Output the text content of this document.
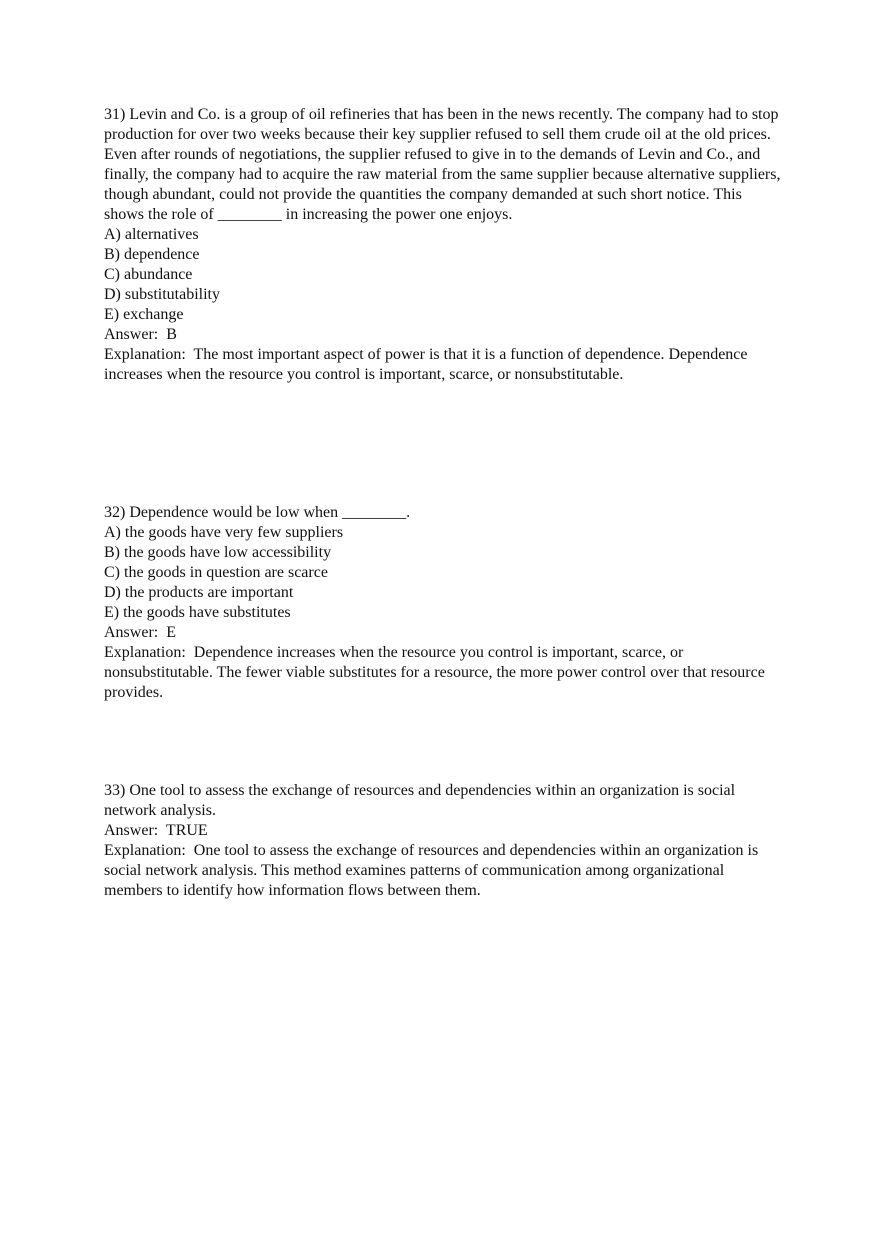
31) Levin and Co. is a group of oil refineries that has been in the news recently. The company had to stop production for over two weeks because their key supplier refused to sell them crude oil at the old prices. Even after rounds of negotiations, the supplier refused to give in to the demands of Levin and Co., and finally, the company had to acquire the raw material from the same supplier because alternative suppliers, though abundant, could not provide the quantities the company demanded at such short notice. This shows the role of ________ in increasing the power one enjoys.

A) alternatives
B) dependence
C) abundance
D) substitutability
E) exchange

Answer:  B

Explanation:  The most important aspect of power is that it is a function of dependence. Dependence increases when the resource you control is important, scarce, or nonsubstitutable.

32) Dependence would be low when ________.

A) the goods have very few suppliers
B) the goods have low accessibility
C) the goods in question are scarce
D) the products are important
E) the goods have substitutes

Answer:  E

Explanation:  Dependence increases when the resource you control is important, scarce, or nonsubstitutable. The fewer viable substitutes for a resource, the more power control over that resource provides.

33) One tool to assess the exchange of resources and dependencies within an organization is social network analysis.

Answer:  TRUE

Explanation:  One tool to assess the exchange of resources and dependencies within an organization is social network analysis. This method examines patterns of communication among organizational members to identify how information flows between them.
